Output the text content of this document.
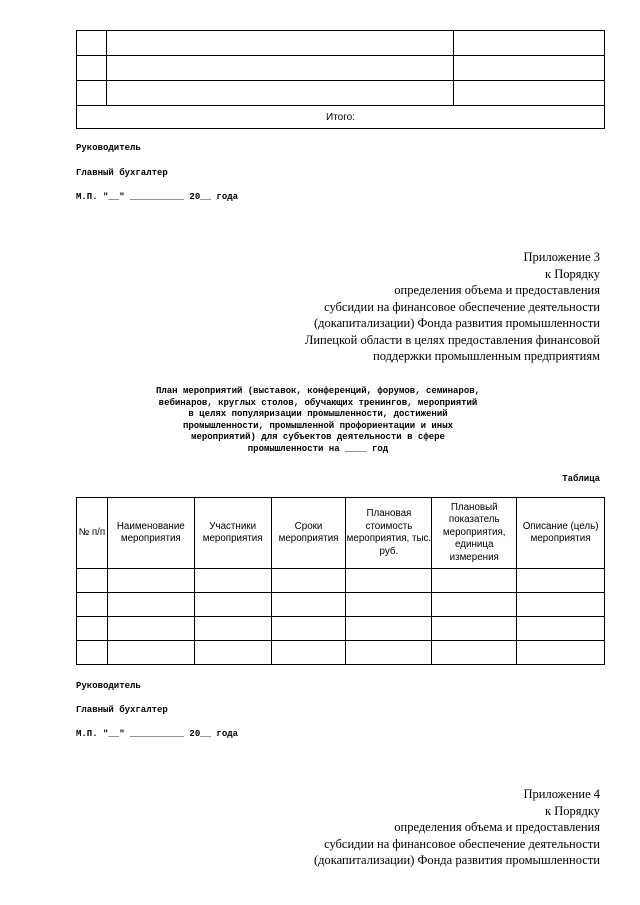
Итого:		
Руководитель
Главный бухгалтер
М.П. "__" __________ 20__ года
Приложение 3
к Порядку
определения объема и предоставления
субсидии на финансовое обеспечение деятельности
(докапитализации) Фонда развития промышленности
Липецкой области в целях предоставления финансовой
поддержки промышленным предприятиям
План мероприятий (выставок, конференций, форумов, семинаров,
вебинаров, круглых столов, обучающих тренингов, мероприятий
в целях популяризации промышленности, достижений
промышленности, промышленной профориентации и иных
мероприятий) для субъектов деятельности в сфере
промышленности на ____ год
Таблица
№ п/п	Наименование мероприятия	Участники мероприятия	Сроки мероприятия	Плановая стоимость мероприятия, тыс. руб.	Плановый показатель мероприятия, единица измерения	Описание (цель) мероприятия

Руководитель
Главный бухгалтер
М.П. "__" __________ 20__ года
Приложение 4
к Порядку
определения объема и предоставления
субсидии на финансовое обеспечение деятельности
(докапитализации) Фонда развития промышленности
